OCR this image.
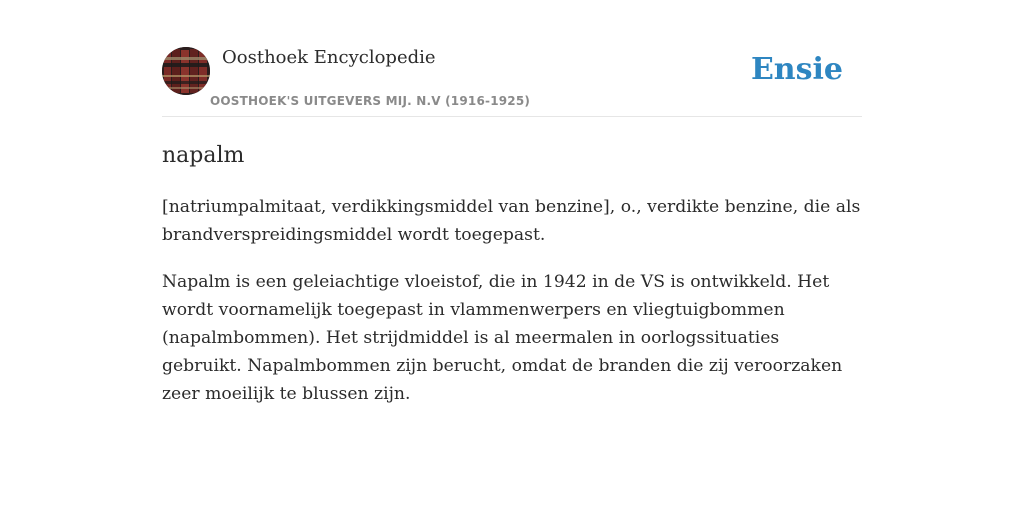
Oosthoek Encyclopedie
OOSTHOEK'S UITGEVERS MIJ. N.V (1916-1925)
Ensie
napalm

[natriumpalmitaat, verdikkingsmiddel van benzine], o., verdikte benzine, die als brandverspreidingsmiddel wordt toegepast.

Napalm is een geleiachtige vloeistof, die in 1942 in de VS is ontwikkeld. Het wordt voornamelijk toegepast in vlammenwerpers en vliegtuigbommen (napalmbommen). Het strijdmiddel is al meermalen in oorlogssituaties gebruikt. Napalmbommen zijn berucht, omdat de branden die zij veroorzaken zeer moeilijk te blussen zijn.
